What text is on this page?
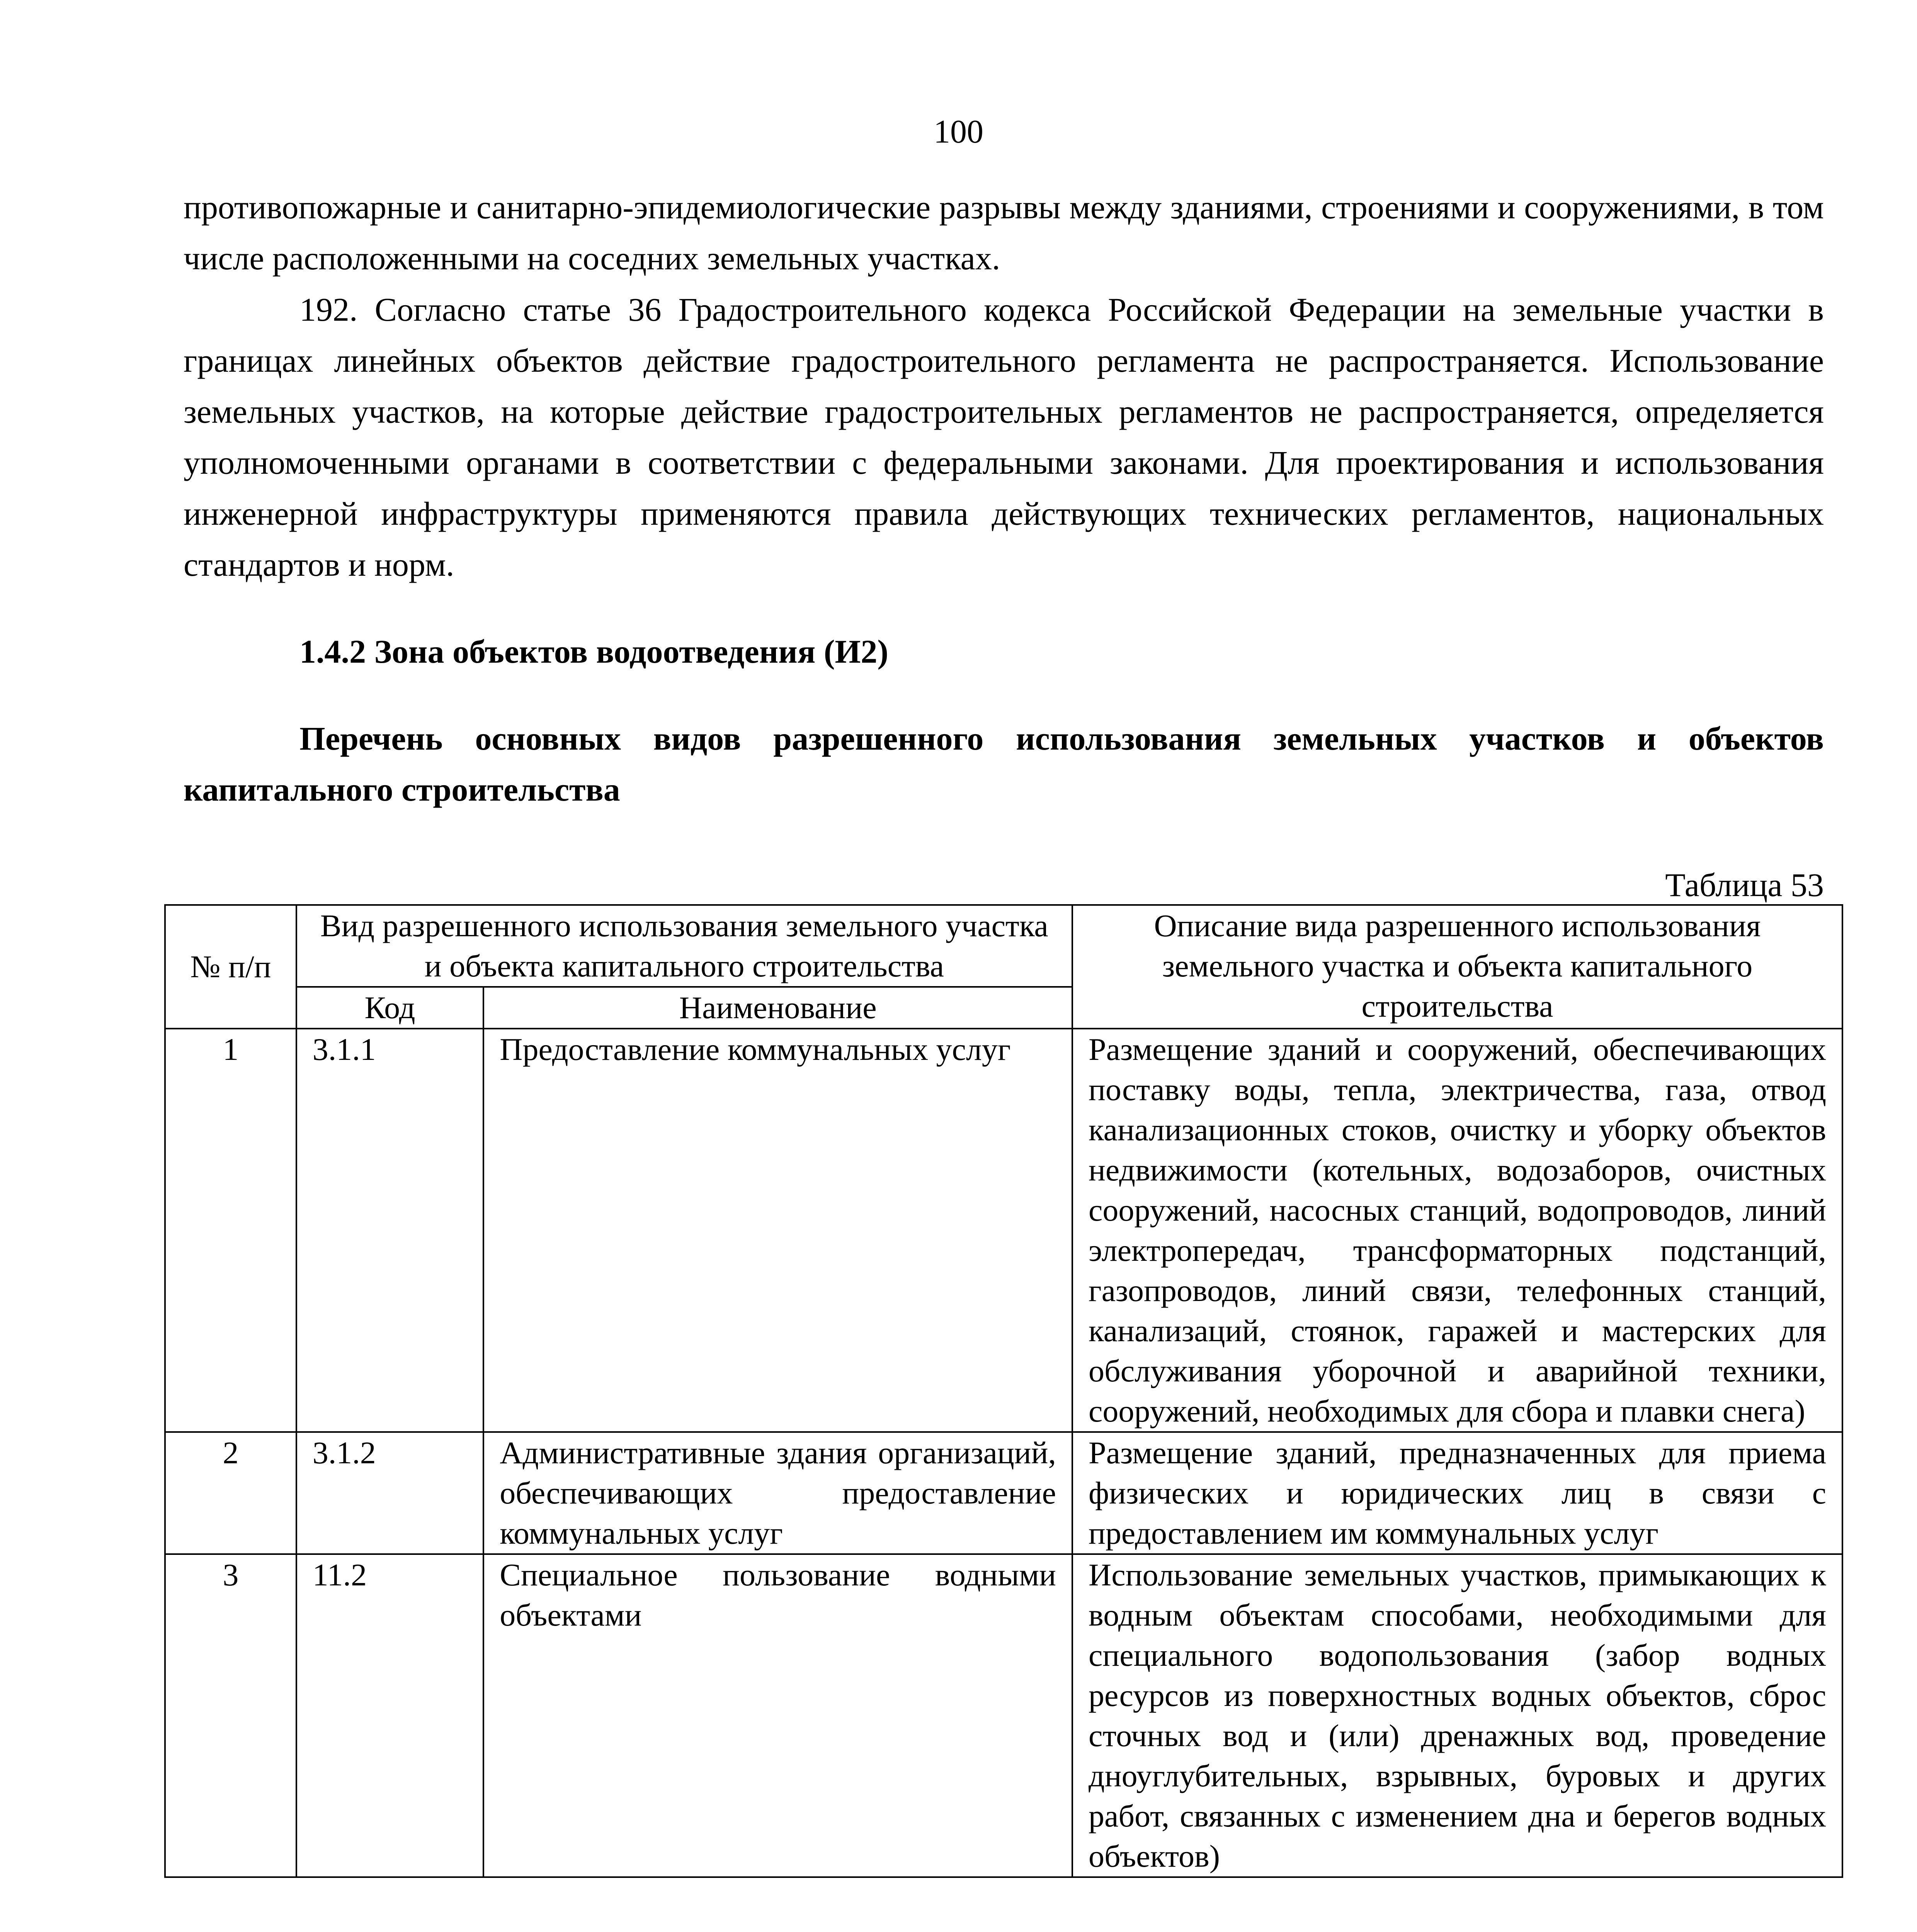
100
противопожарные и санитарно-эпидемиологические разрывы между зданиями, строениями и сооружениями, в том числе расположенными на соседних земельных участках.
192. Согласно статье 36 Градостроительного кодекса Российской Федерации на земельные участки в границах линейных объектов действие градостроительного регламента не распространяется. Использование земельных участков, на которые действие градостроительных регламентов не распространяется, определяется уполномоченными органами в соответствии с федеральными законами. Для проектирования и использования инженерной инфраструктуры применяются правила действующих технических регламентов, национальных стандартов и норм.
1.4.2 Зона объектов водоотведения (И2)
Перечень основных видов разрешенного использования земельных участков и объектов капитального строительства
Таблица 53
№ п/п	Вид разрешенного использования земельного участка и объекта капитального строительства		Описание вида разрешенного использования земельного участка и объекта капитального строительства
	Код	Наименование	
1	3.1.1	Предоставление коммунальных услуг	Размещение зданий и сооружений, обеспечивающих поставку воды, тепла, электричества, газа, отвод канализационных стоков, очистку и уборку объектов недвижимости (котельных, водозаборов, очистных сооружений, насосных станций, водопроводов, линий электропередач, трансформаторных подстанций, газопроводов, линий связи, телефонных станций, канализаций, стоянок, гаражей и мастерских для обслуживания уборочной и аварийной техники, сооружений, необходимых для сбора и плавки снега)
2	3.1.2	Административные здания организаций, обеспечивающих предоставление коммунальных услуг	Размещение зданий, предназначенных для приема физических и юридических лиц в связи с предоставлением им коммунальных услуг
3	11.2	Специальное пользование водными объектами	Использование земельных участков, примыкающих к водным объектам способами, необходимыми для специального водопользования (забор водных ресурсов из поверхностных водных объектов, сброс сточных вод и (или) дренажных вод, проведение дноуглубительных, взрывных, буровых и других работ, связанных с изменением дна и берегов водных объектов)
